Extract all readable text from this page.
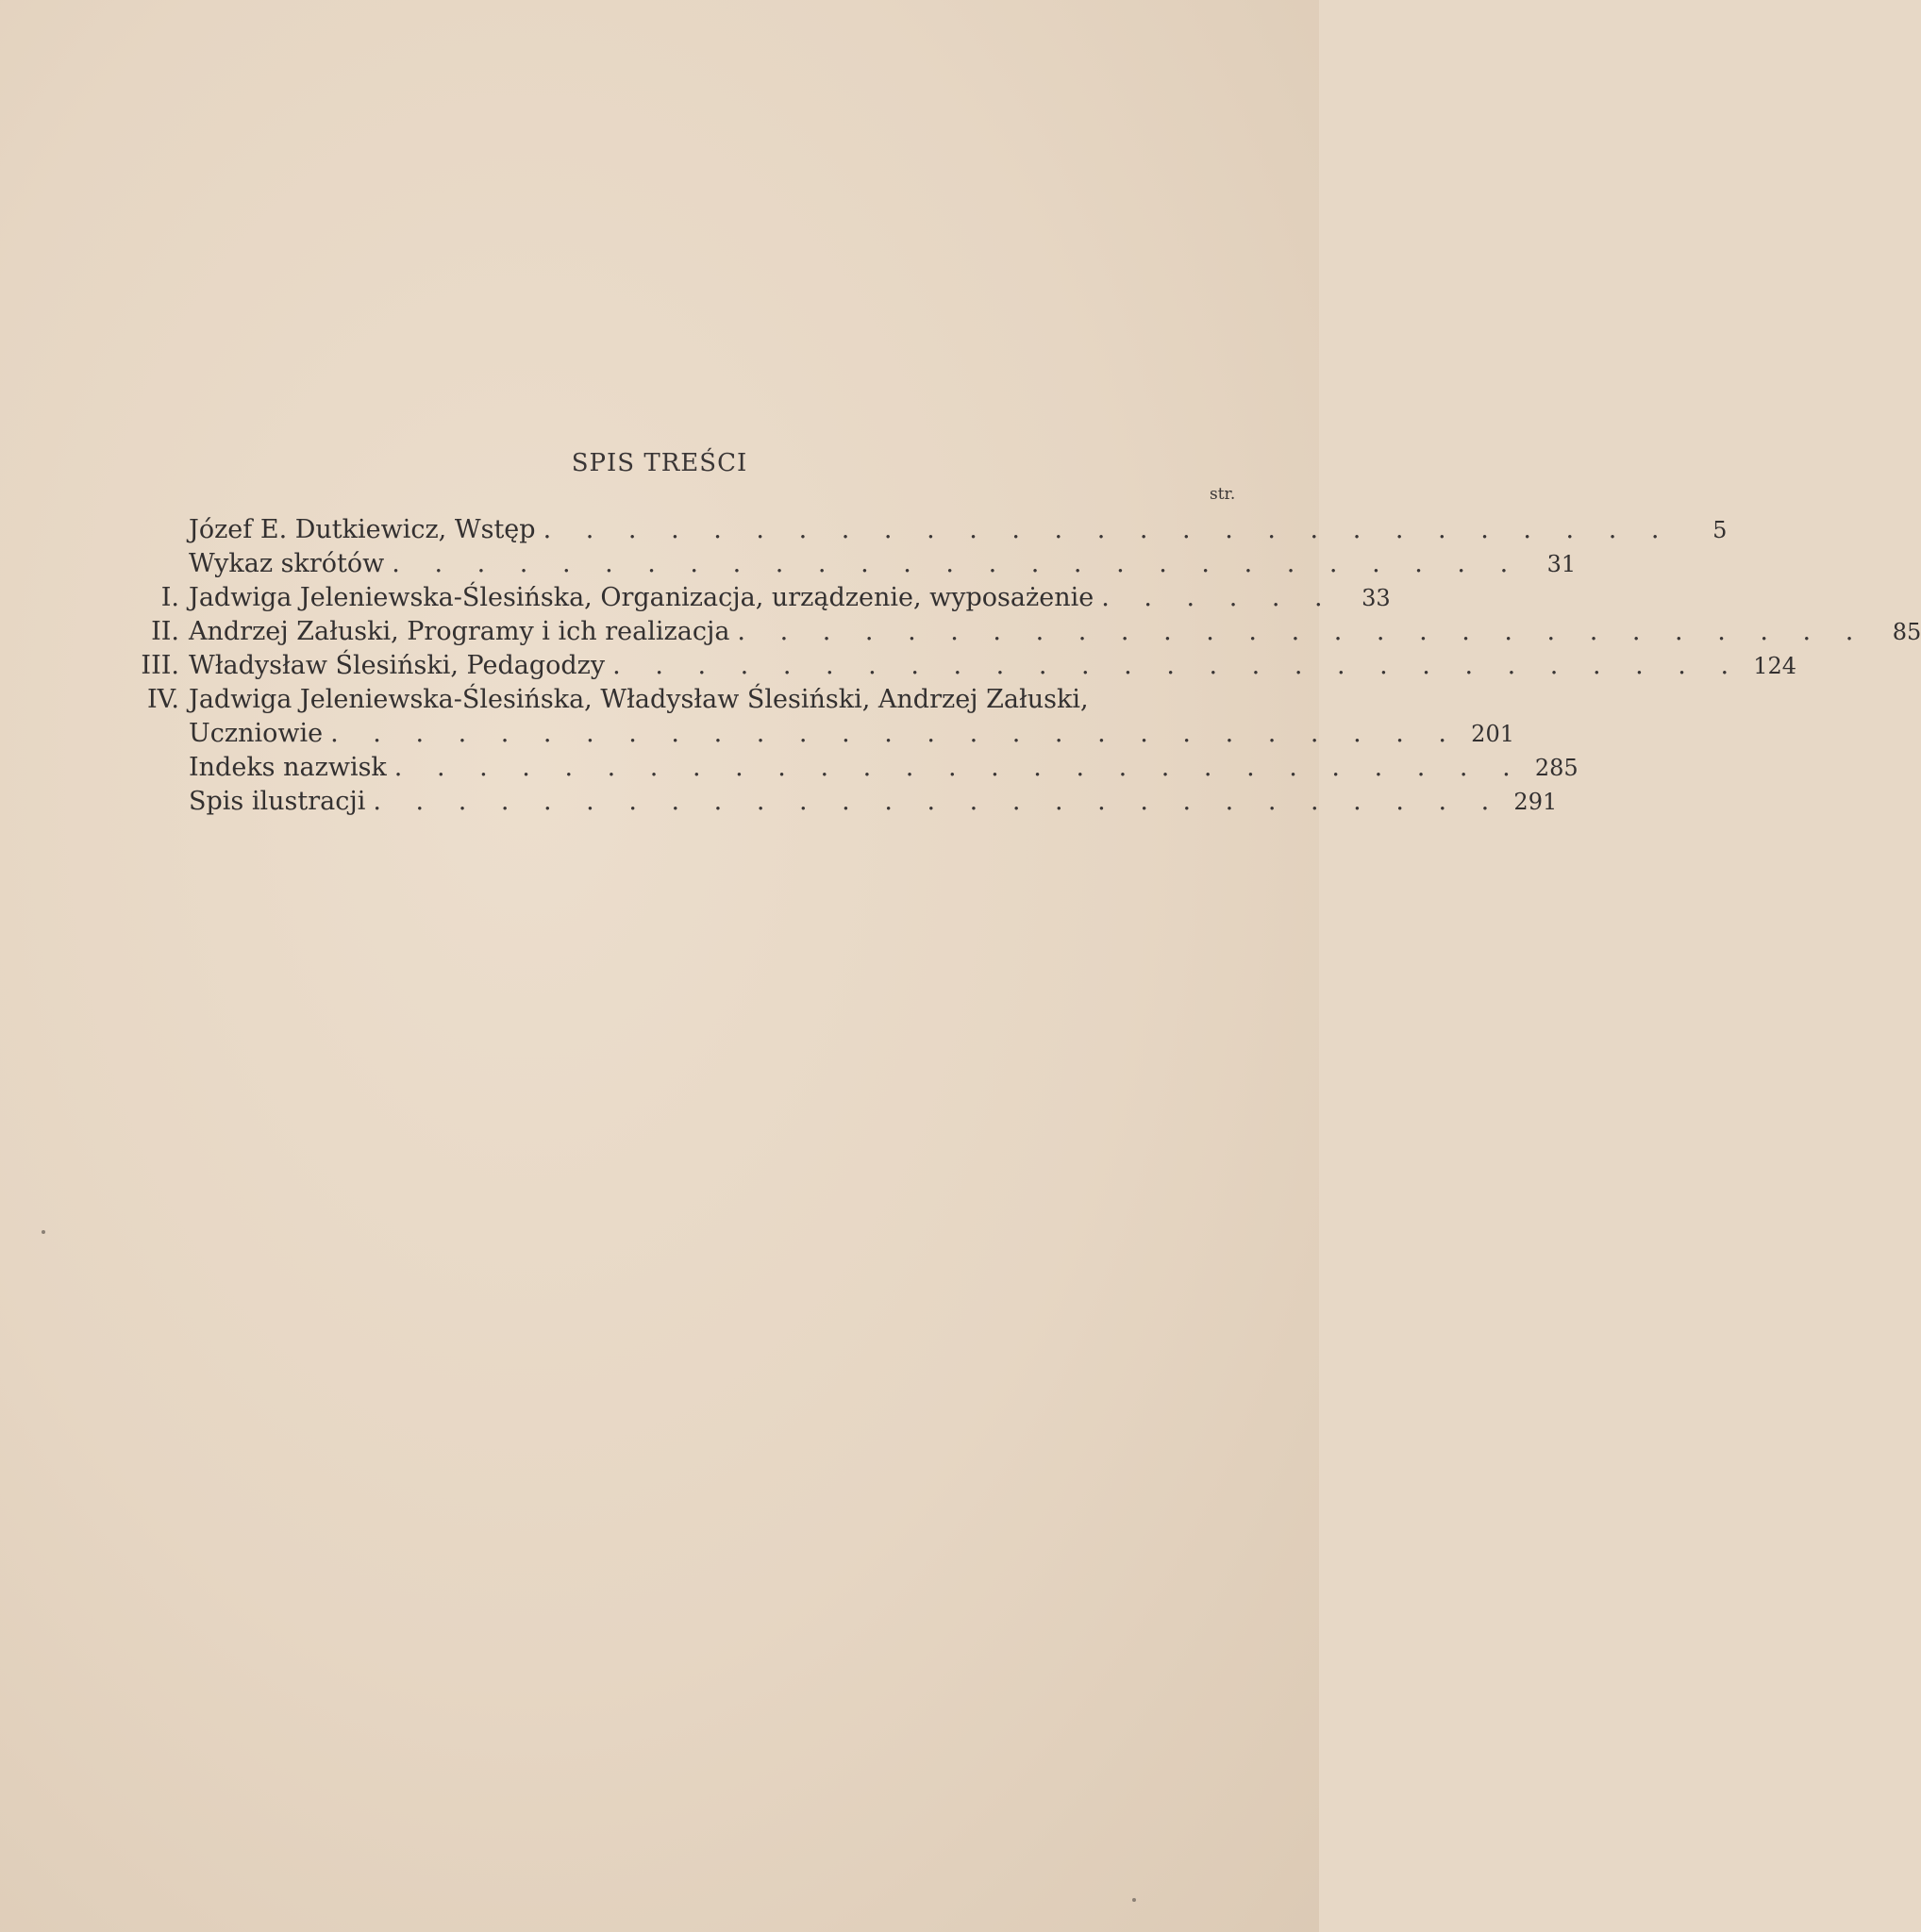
SPIS TREŚCI
str.
Józef E. Dutkiewicz, Wstęp . . . . . . . . . . . . . . . . . . . . . . . . . . .	5
Wykaz skrótów . . . . . . . . . . . . . . . . . . . . . . . . . . .	31
I. Jadwiga Jeleniewska-Ślesińska, Organizacja, urządzenie, wyposażenie . . . . . .	33
II. Andrzej Załuski, Programy i ich realizacja . . . . . . . . . . . . . . . . . . . . . . . . . . .	85
III. Władysław Ślesiński, Pedagodzy . . . . . . . . . . . . . . . . . . . . . . . . . . . 124
IV. Jadwiga Jeleniewska-Ślesińska, Władysław Ślesiński, Andrzej Załuski,
Uczniowie . . . . . . . . . . . . . . . . . . . . . . . . . . . 201
Indeks nazwisk . . . . . . . . . . . . . . . . . . . . . . . . . . . 285
Spis ilustracji . . . . . . . . . . . . . . . . . . . . . . . . . . . 291
